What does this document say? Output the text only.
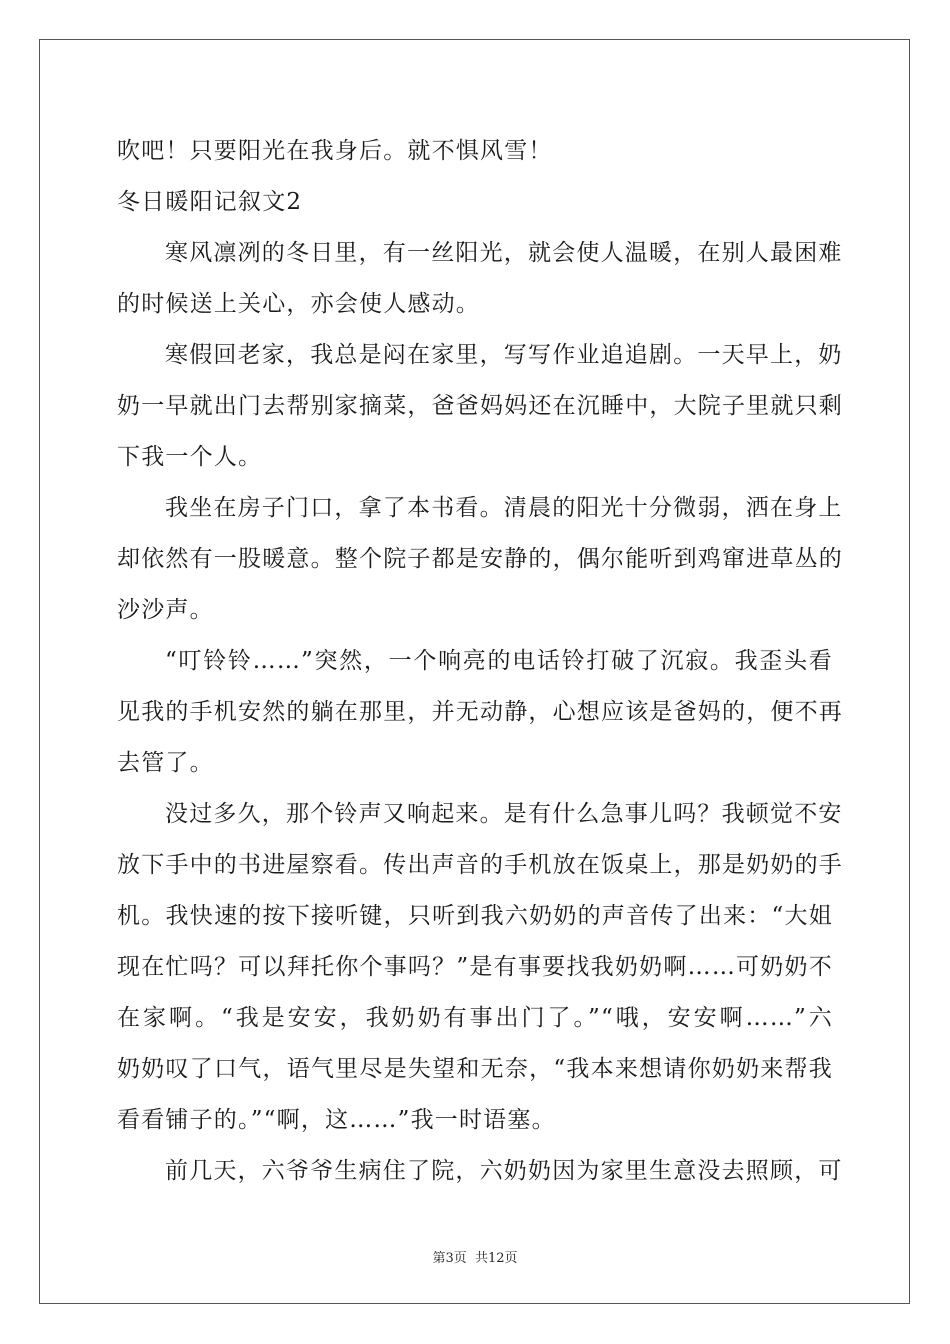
吹吧！只要阳光在我身后。就不惧风雪！
冬日暖阳记叙文2
寒风凛冽的冬日里，有一丝阳光，就会使人温暖，在别人最困难
的时候送上关心，亦会使人感动。
寒假回老家，我总是闷在家里，写写作业追追剧。一天早上，奶
奶一早就出门去帮别家摘菜，爸爸妈妈还在沉睡中，大院子里就只剩
下我一个人。
我坐在房子门口，拿了本书看。清晨的阳光十分微弱，洒在身上
却依然有一股暖意。整个院子都是安静的，偶尔能听到鸡窜进草丛的
沙沙声。
“叮铃铃……”突然，一个响亮的电话铃打破了沉寂。我歪头看
见我的手机安然的躺在那里，并无动静，心想应该是爸妈的，便不再
去管了。
没过多久，那个铃声又响起来。是有什么急事儿吗？我顿觉不安
放下手中的书进屋察看。传出声音的手机放在饭桌上，那是奶奶的手
机。我快速的按下接听键，只听到我六奶奶的声音传了出来：“大姐
现在忙吗？可以拜托你个事吗？”是有事要找我奶奶啊……可奶奶不
在家啊。“我是安安，我奶奶有事出门了。”“哦，安安啊……”六
奶奶叹了口气，语气里尽是失望和无奈，“我本来想请你奶奶来帮我
看看铺子的。”“啊，这……”我一时语塞。
前几天，六爷爷生病住了院，六奶奶因为家里生意没去照顾，可
第3页 共12页
